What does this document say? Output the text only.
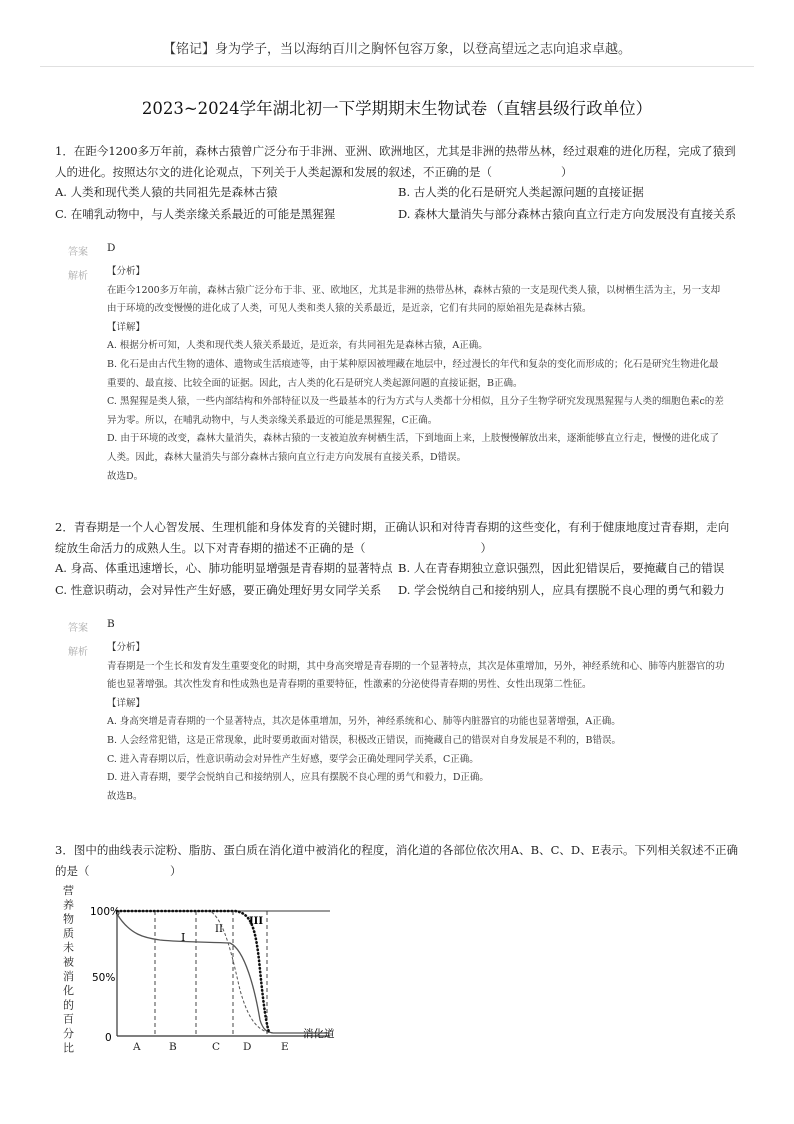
【铭记】身为学子，当以海纳百川之胸怀包容万象，以登高望远之志向追求卓越。
2023~2024学年湖北初一下学期期末生物试卷（直辖县级行政单位）
1．在距今1200多万年前，森林古猿曾广泛分布于非洲、亚洲、欧洲地区，尤其是非洲的热带丛林，经过艰难的进化历程，完成了猿到人的进化。按照达尔文的进化论观点，下列关于人类起源和发展的叙述，不正确的是（　　　　　　）
A. 人类和现代类人猿的共同祖先是森林古猿	B. 古人类的化石是研究人类起源问题的直接证据
C. 在哺乳动物中，与人类亲缘关系最近的可能是黑猩猩	D. 森林大量消失与部分森林古猿向直立行走方向发展没有直接关系
答案 D
解析 【分析】

在距今1200多万年前，森林古猿广泛分布于非、亚、欧地区，尤其是非洲的热带丛林，森林古猿的一支是现代类人猿，以树栖生活为主，另一支却由于环境的改变慢慢的进化成了人类，可见人类和类人猿的关系最近，是近亲，它们有共同的原始祖先是森林古猿。

【详解】

A. 根据分析可知，人类和现代类人猿关系最近，是近亲，有共同祖先是森林古猿，A正确。

B. 化石是由古代生物的遗体、遗物或生活痕迹等，由于某种原因被埋藏在地层中，经过漫长的年代和复杂的变化而形成的；化石是研究生物进化最重要的、最直接、比较全面的证据。因此，古人类的化石是研究人类起源问题的直接证据，B正确。

C. 黑猩猩是类人猿，一些内部结构和外部特征以及一些最基本的行为方式与人类都十分相似，且分子生物学研究发现黑猩猩与人类的细胞色素c的差异为零。所以，在哺乳动物中，与人类亲缘关系最近的可能是黑猩猩，C正确。

D. 由于环境的改变，森林大量消失，森林古猿的一支被迫放弃树栖生活，下到地面上来，上肢慢慢解放出来，逐渐能够直立行走，慢慢的进化成了人类。因此，森林大量消失与部分森林古猿向直立行走方向发展有直接关系，D错误。

故选D。

2．青春期是一个人心智发展、生理机能和身体发育的关键时期，正确认识和对待青春期的这些变化，有利于健康地度过青春期，走向绽放生命活力的成熟人生。以下对青春期的描述不正确的是（　　　　　　　　　　）
A. 身高、体重迅速增长，心、肺功能明显增强是青春期的显著特点 B. 人在青春期独立意识强烈，因此犯错误后，要掩藏自己的错误
C. 性意识萌动，会对异性产生好感，要正确处理好男女同学关系 D. 学会悦纳自己和接纳别人，应具有摆脱不良心理的勇气和毅力
答案 B
解析 【分析】

青春期是一个生长和发育发生重要变化的时期，其中身高突增是青春期的一个显著特点，其次是体重增加，另外，神经系统和心、肺等内脏器官的功能也显著增强。其次性发育和性成熟也是青春期的重要特征，性激素的分泌使得青春期的男性、女性出现第二性征。

【详解】

A. 身高突增是青春期的一个显著特点，其次是体重增加，另外，神经系统和心、肺等内脏器官的功能也显著增强，A正确。

B. 人会经常犯错，这是正常现象，此时要勇敢面对错误，积极改正错误，而掩藏自己的错误对自身发展是不利的，B错误。

C. 进入青春期以后，性意识萌动会对异性产生好感，要学会正确处理同学关系，C正确。

D. 进入青春期，要学会悦纳自己和接纳别人，应具有摆脱不良心理的勇气和毅力，D正确。

故选B。

3．图中的曲线表示淀粉、脂肪、蛋白质在消化道中被消化的程度，消化道的各部位依次用A、B、C、D、E表示。下列相关叙述不正确的是（　　　　　　　）
营养物质未被消化的百分比
100%
50%
0
A	B	C D	E
消化道
I
II
III
